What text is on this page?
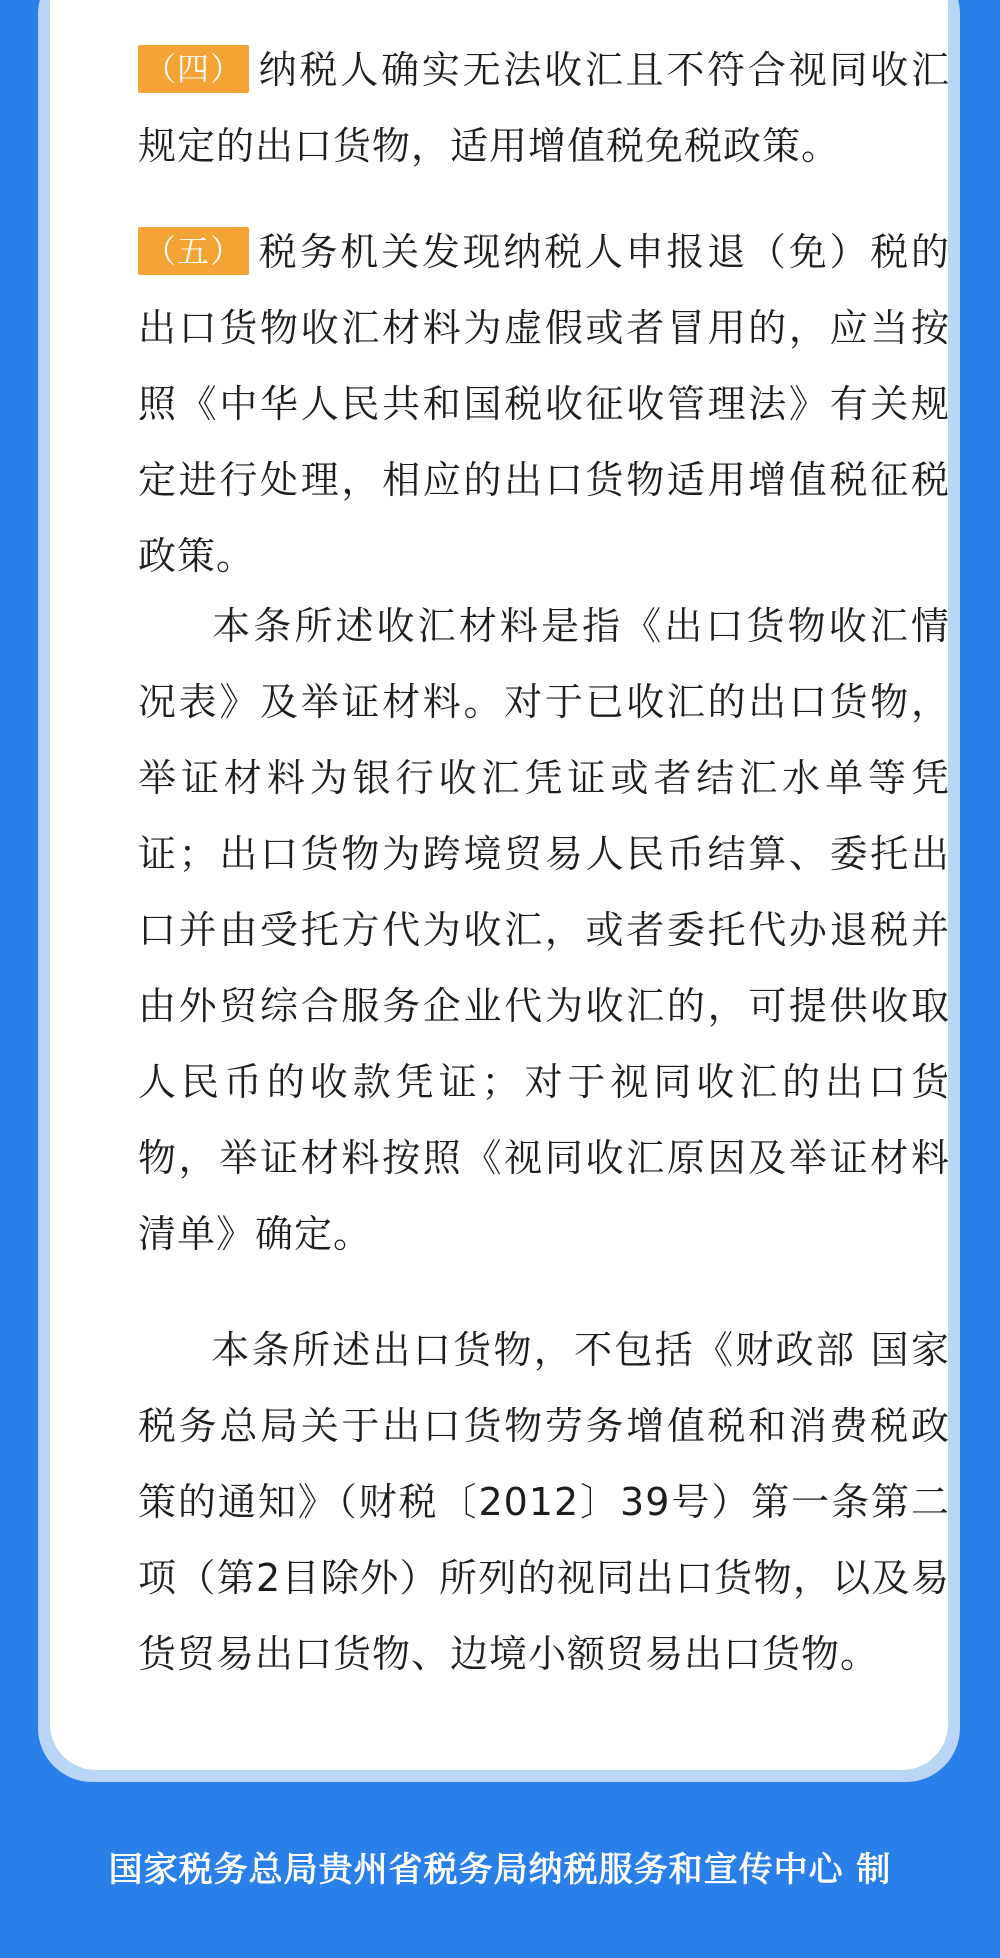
（四） 纳税人确实无法收汇且不符合视同收汇规定的出口货物，适用增值税免税政策。

（五） 税务机关发现纳税人申报退（免）税的出口货物收汇材料为虚假或者冒用的，应当按照《中华人民共和国税收征收管理法》有关规定进行处理，相应的出口货物适用增值税征税政策。

本条所述收汇材料是指《出口货物收汇情况表》及举证材料。对于已收汇的出口货物，举证材料为银行收汇凭证或者结汇水单等凭证；出口货物为跨境贸易人民币结算、委托出口并由受托方代为收汇，或者委托代办退税并由外贸综合服务企业代为收汇的，可提供收取人民币的收款凭证；对于视同收汇的出口货物，举证材料按照《视同收汇原因及举证材料清单》确定。

本条所述出口货物，不包括《财政部 国家税务总局关于出口货物劳务增值税和消费税政策的通知》（财税〔2012〕39号）第一条第二项（第2目除外）所列的视同出口货物，以及易货贸易出口货物、边境小额贸易出口货物。

国家税务总局贵州省税务局纳税服务和宣传中心 制
